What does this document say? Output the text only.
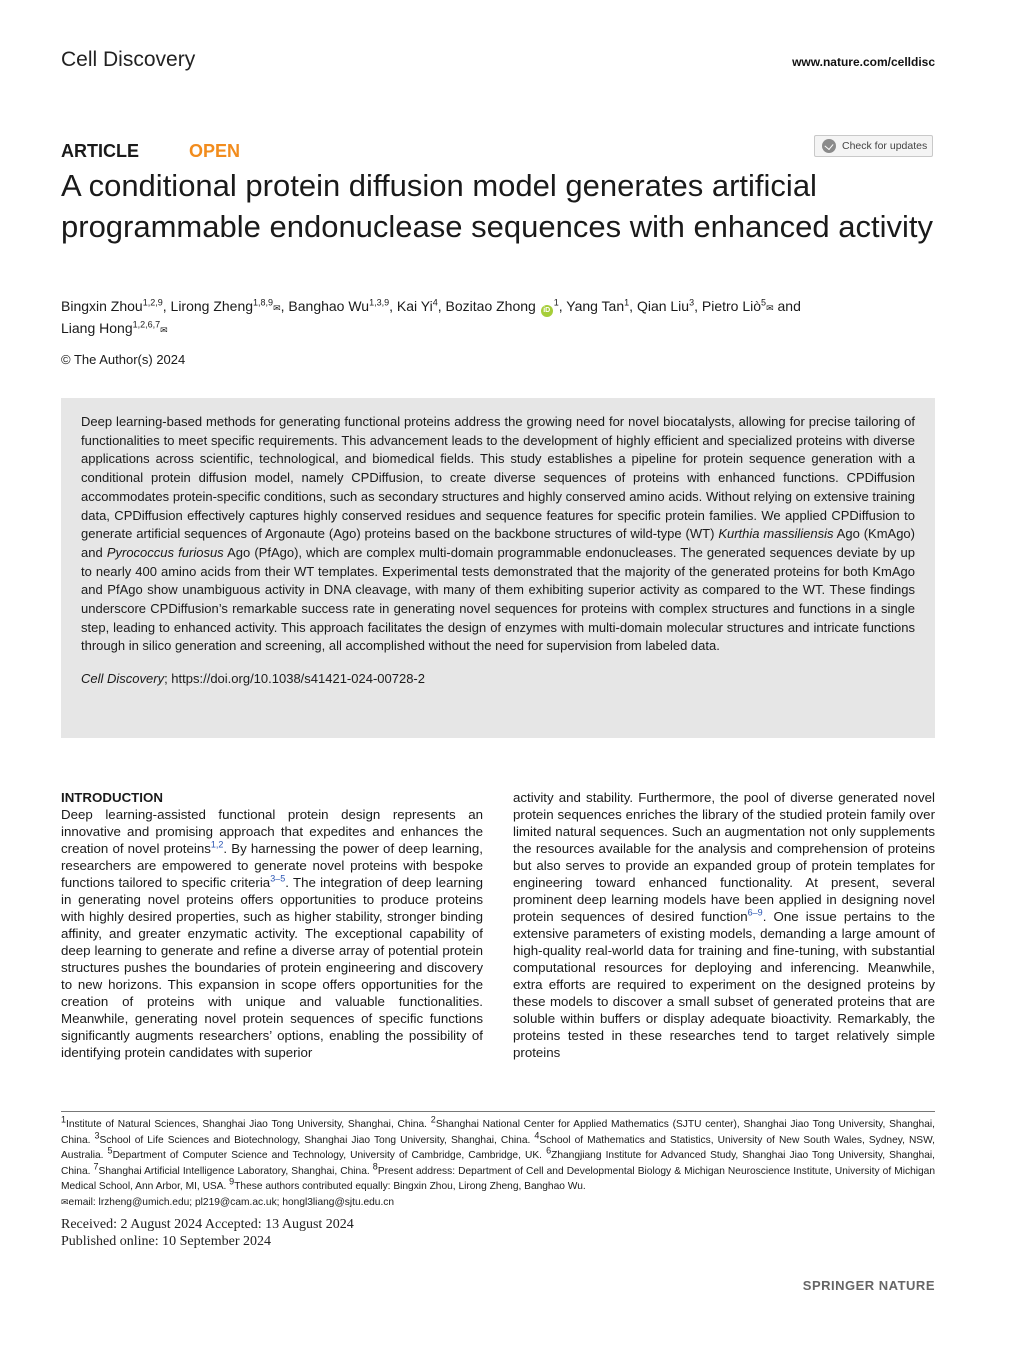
Cell Discovery	www.nature.com/celldisc
ARTICLE	OPEN	Check for updates
A conditional protein diffusion model generates artificial programmable endonuclease sequences with enhanced activity
Bingxin Zhou$^{1,2,9}$, Lirong Zheng$^{1,8,9}$✉, Banghao Wu$^{1,3,9}$, Kai Yi$^4$, Bozitao Zhong $iD^1$, Yang Tan$^1$, Qian Liu$^3$, Pietro Liò$^5$✉ and
Liang Hong$^{1,2,6,7}$✉
© The Author(s) 2024

Deep learning-based methods for generating functional proteins address the growing need for novel biocatalysts, allowing for precise tailoring of functionalities to meet specific requirements. This advancement leads to the development of highly efficient and specialized proteins with diverse applications across scientific, technological, and biomedical fields. This study establishes a pipeline for protein sequence generation with a conditional protein diffusion model, namely CPDiffusion, to create diverse sequences of proteins with enhanced functions. CPDiffusion accommodates protein-specific conditions, such as secondary structures and highly conserved amino acids. Without relying on extensive training data, CPDiffusion effectively captures highly conserved residues and sequence features for specific protein families. We applied CPDiffusion to generate artificial sequences of Argonaute (Ago) proteins based on the backbone structures of wild-type (WT) Kurthia massiliensis Ago (KmAgo) and Pyrococcus furiosus Ago (PfAgo), which are complex multi-domain programmable endonucleases. The generated sequences deviate by up to nearly 400 amino acids from their WT templates. Experimental tests demonstrated that the majority of the generated proteins for both KmAgo and PfAgo show unambiguous activity in DNA cleavage, with many of them exhibiting superior activity as compared to the WT. These findings underscore CPDiffusion’s remarkable success rate in generating novel sequences for proteins with complex structures and functions in a single step, leading to enhanced activity. This approach facilitates the design of enzymes with multi-domain molecular structures and intricate functions through in silico generation and screening, all accomplished without the need for supervision from labeled data.

Cell Discovery; https://doi.org/10.1038/s41421-024-00728-2

INTRODUCTION

Deep learning-assisted functional protein design represents an innovative and promising approach that expedites and enhances the creation of novel proteins$^{1,2}$. By harnessing the power of deep learning, researchers are empowered to generate novel proteins with bespoke functions tailored to specific criteria$^{3-5}$. The integration of deep learning in generating novel proteins offers opportunities to produce proteins with highly desired properties, such as higher stability, stronger binding affinity, and greater enzymatic activity. The exceptional capability of deep learning to generate and refine a diverse array of potential protein structures pushes the boundaries of protein engineering and discovery to new horizons. This expansion in scope offers opportunities for the creation of proteins with unique and valuable functionalities. Meanwhile, generating novel protein sequences of specific functions significantly augments researchers’ options, enabling the possibility of identifying protein candidates with superior

activity and stability. Furthermore, the pool of diverse generated novel protein sequences enriches the library of the studied protein family over limited natural sequences. Such an augmentation not only supplements the resources available for the analysis and comprehension of proteins but also serves to provide an expanded group of protein templates for engineering toward enhanced functionality. At present, several prominent deep learning models have been applied in designing novel protein sequences of desired function$^{6-9}$. One issue pertains to the extensive parameters of existing models, demanding a large amount of high-quality real-world data for training and fine-tuning, with substantial computational resources for deploying and inferencing. Meanwhile, extra efforts are required to experiment on the designed proteins by these models to discover a small subset of generated proteins that are soluble within buffers or display adequate bioactivity. Remarkably, the proteins tested in these researches tend to target relatively simple proteins

$^1$Institute of Natural Sciences, Shanghai Jiao Tong University, Shanghai, China. $^2$Shanghai National Center for Applied Mathematics (SJTU center), Shanghai Jiao Tong University, Shanghai, China. $^3$School of Life Sciences and Biotechnology, Shanghai Jiao Tong University, Shanghai, China. $^4$School of Mathematics and Statistics, University of New South Wales, Sydney, NSW, Australia. $^5$Department of Computer Science and Technology, University of Cambridge, Cambridge, UK. $^6$Zhangjiang Institute for Advanced Study, Shanghai Jiao Tong University, Shanghai, China. $^7$Shanghai Artificial Intelligence Laboratory, Shanghai, China. $^8$Present address: Department of Cell and Developmental Biology & Michigan Neuroscience Institute, University of Michigan Medical School, Ann Arbor, MI, USA. $^9$These authors contributed equally: Bingxin Zhou, Lirong Zheng, Banghao Wu.
✉email: lrzheng@umich.edu; pl219@cam.ac.uk; hongl3liang@sjtu.edu.cn
Received: 2 August 2024 Accepted: 13 August 2024
Published online: 10 September 2024
SPRINGER NATURE
